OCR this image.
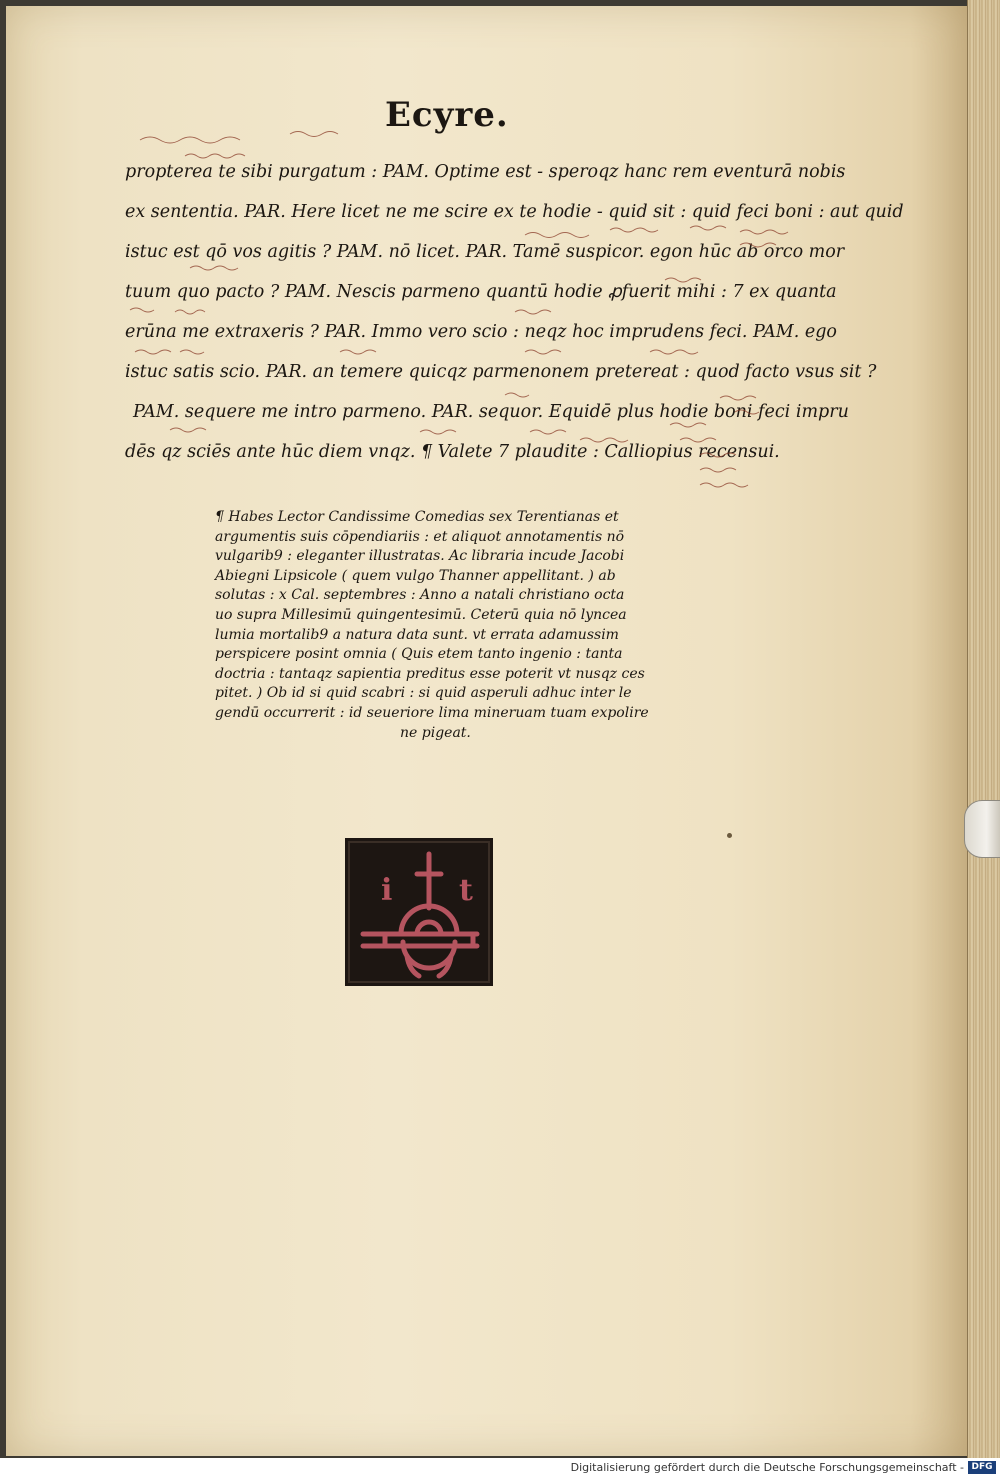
Ecyre.
propterea te sibi purgatum : PAM. Optime est - speroqz hanc rem eventurā nobis
ex sententia. PAR. Here licet ne me scire ex te hodie - quid sit : quid feci boni : aut quid
istuc est qō vos agitis ? PAM. nō licet. PAR. Tamē suspicor. egon hūc ab orco mor
tuum quo pacto ? PAM. Nescis parmeno quantū hodie ꝓfuerit mihi : 7 ex quanta
erūna me extraxeris ? PAR. Immo vero scio : neqz hoc imprudens feci. PAM. ego
istuc satis scio. PAR. an temere quicqz parmenonem pretereat : quod facto vsus sit ?
PAM. sequere me intro parmeno. PAR. sequor. Equidē plus hodie boni feci impru
dēs qz sciēs ante hūc diem vnqz. ¶ Valete 7 plaudite : Calliopius recensui.
¶ Habes Lector Candissime Comedias sex Terentianas et
argumentis suis cōpendiariis : et aliquot annotamentis nō
vulgarib9 : eleganter illustratas. Ac libraria incude Jacobi
Abiegni Lipsicole ( quem vulgo Thanner appellitant. ) ab
solutas : x Cal. septembres : Anno a natali christiano octa
uo supra Millesimū quingentesimū. Ceterū quia nō lyncea
lumia mortalib9 a natura data sunt. vt errata adamussim
perspicere posint omnia ( Quis etem tanto ingenio : tanta
doctria : tantaqz sapientia preditus esse poterit vt nusqz ces
pitet. ) Ob id si quid scabri : si quid asperuli adhuc inter le
gendū occurrerit : id seueriore lima mineruam tuam expolire
ne pigeat.
i t
Digitalisierung gefördert durch die Deutsche Forschungsgemeinschaft - DFG
